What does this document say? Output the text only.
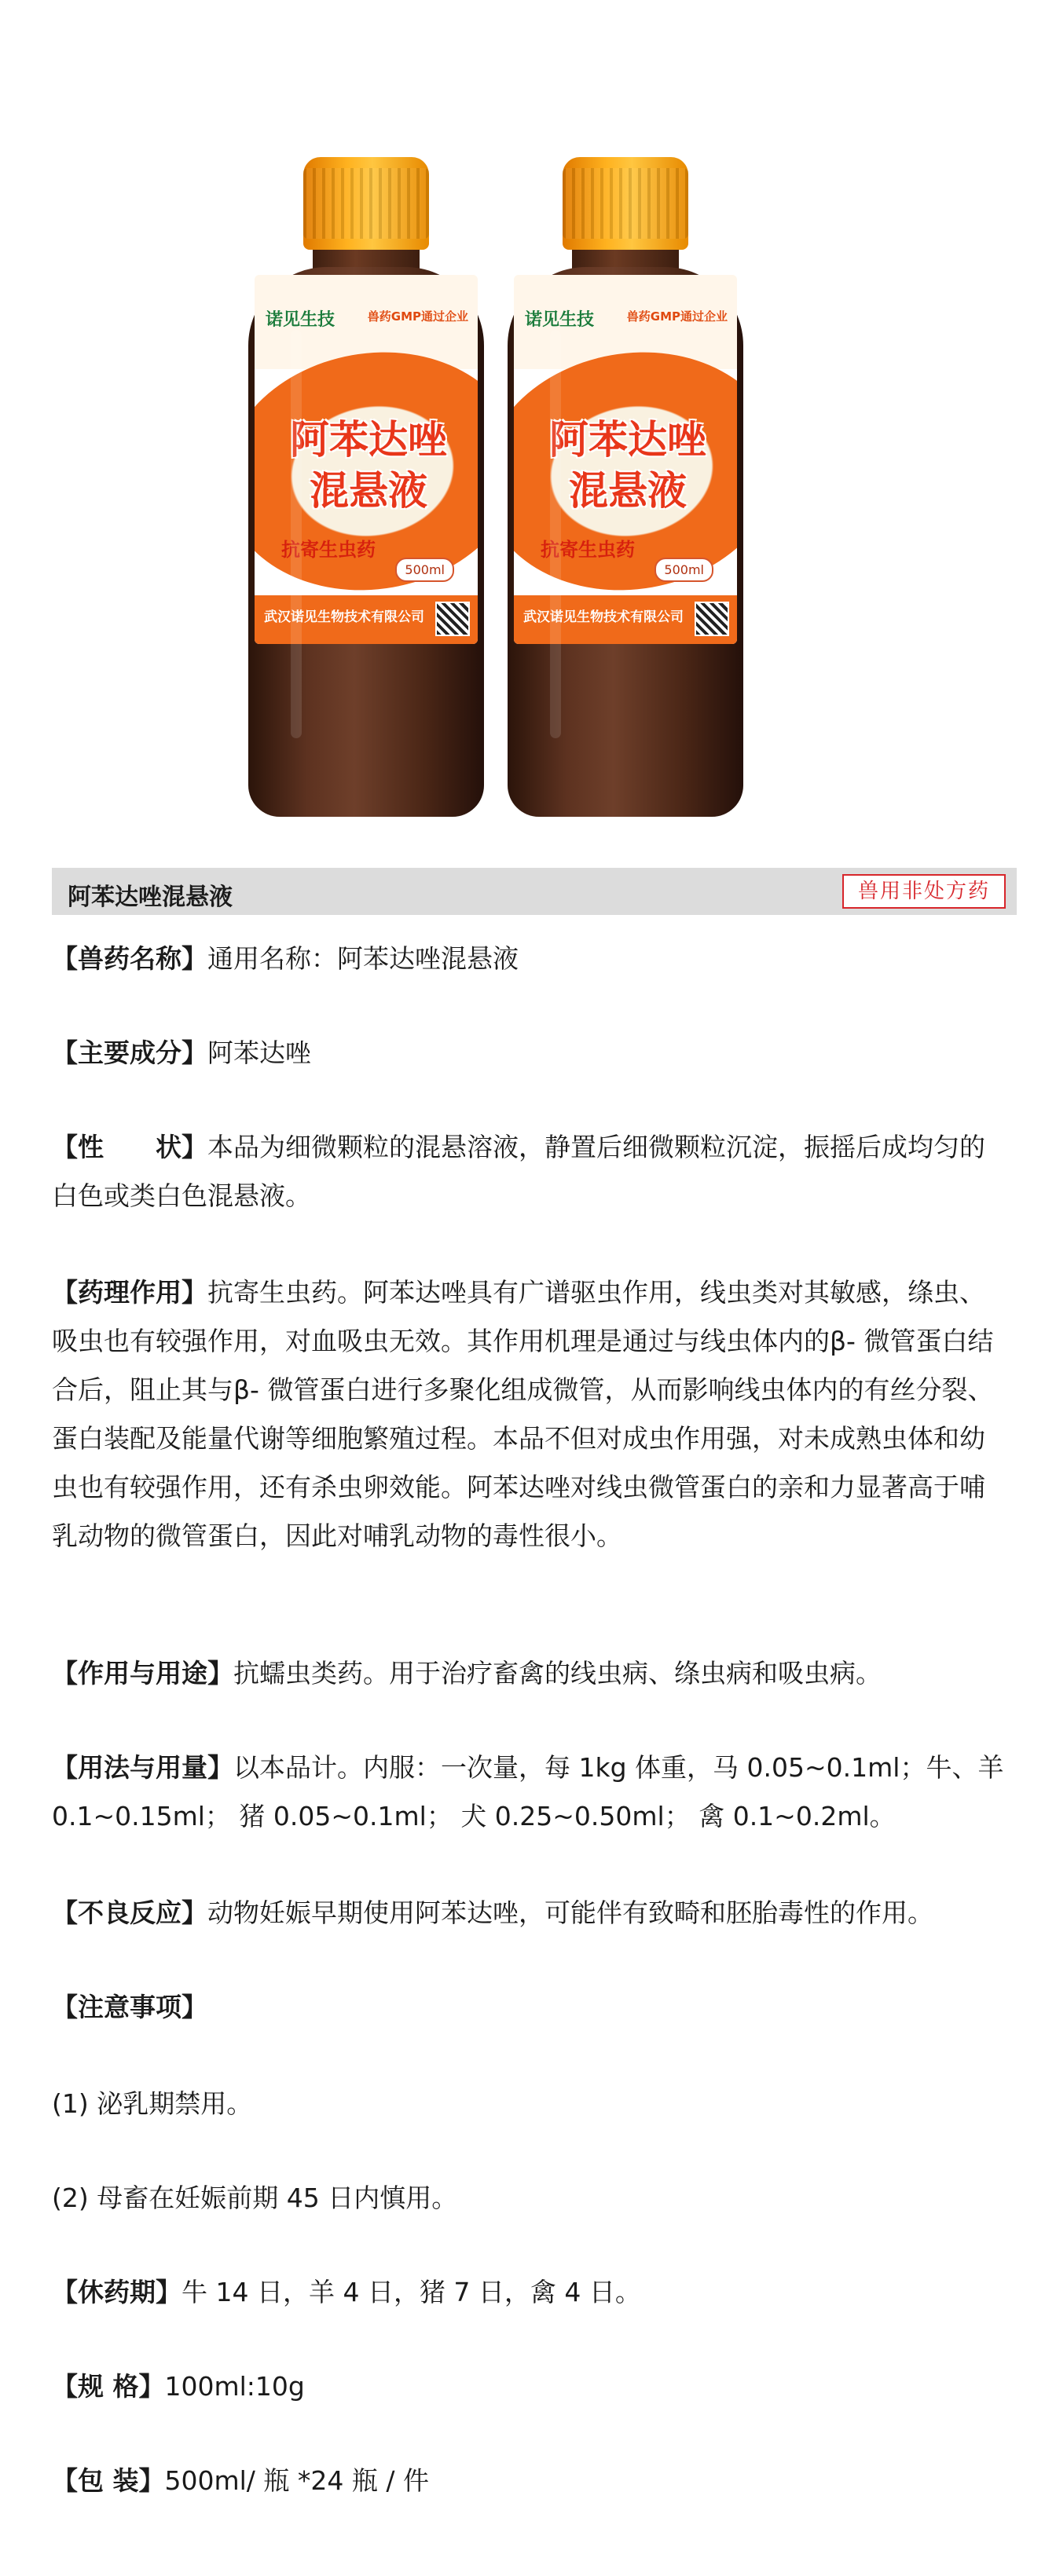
诺见生技	兽药GMP通过企业
阿苯达唑
混悬液
抗寄生虫药
500ml
武汉诺见生物技术有限公司
诺见生技	兽药GMP通过企业
阿苯达唑
混悬液
抗寄生虫药
500ml
武汉诺见生物技术有限公司
阿苯达唑混悬液	兽用非处方药

【兽药名称】通用名称：阿苯达唑混悬液

【主要成分】阿苯达唑

【性　　状】本品为细微颗粒的混悬溶液，静置后细微颗粒沉淀，振摇后成均匀的白色或类白色混悬液。

【药理作用】抗寄生虫药。阿苯达唑具有广谱驱虫作用，线虫类对其敏感，绦虫、吸虫也有较强作用，对血吸虫无效。其作用机理是通过与线虫体内的β- 微管蛋白结合后，阻止其与β- 微管蛋白进行多聚化组成微管，从而影响线虫体内的有丝分裂、蛋白装配及能量代谢等细胞繁殖过程。本品不但对成虫作用强，对未成熟虫体和幼虫也有较强作用，还有杀虫卵效能。阿苯达唑对线虫微管蛋白的亲和力显著高于哺乳动物的微管蛋白，因此对哺乳动物的毒性很小。

【作用与用途】抗蠕虫类药。用于治疗畜禽的线虫病、绦虫病和吸虫病。

【用法与用量】以本品计。内服：一次量，每 1kg 体重，马 0.05~0.1ml；牛、羊 0.1~0.15ml； 猪 0.05~0.1ml； 犬 0.25~0.50ml； 禽 0.1~0.2ml。

【不良反应】动物妊娠早期使用阿苯达唑，可能伴有致畸和胚胎毒性的作用。

【注意事项】

(1) 泌乳期禁用。

(2) 母畜在妊娠前期 45 日内慎用。

【休药期】牛 14 日，羊 4 日，猪 7 日，禽 4 日。

【规 格】100ml:10g

【包 装】500ml/ 瓶 *24 瓶 / 件
